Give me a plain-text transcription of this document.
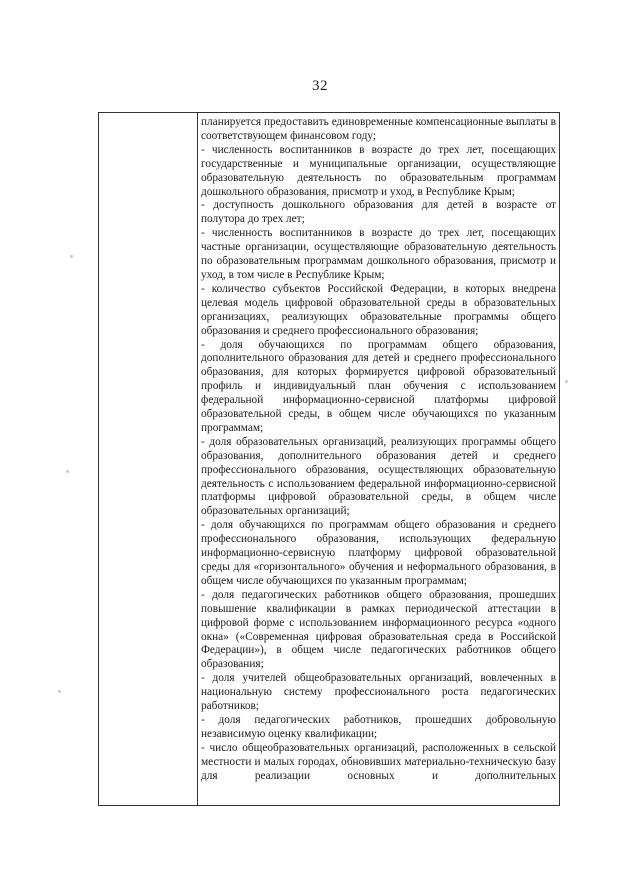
32

планируется предоставить единовременные компенсационные выплаты в соответствующем финансовом году;

- численность воспитанников в возрасте до трех лет, посещающих государственные и муниципальные организации, осуществляющие образовательную деятельность по образовательным программам дошкольного образования, присмотр и уход, в Республике Крым;

- доступность дошкольного образования для детей в возрасте от полутора до трех лет;

- численность воспитанников в возрасте до трех лет, посещающих частные организации, осуществляющие образовательную деятельность по образовательным программам дошкольного образования, присмотр и уход, в том числе в Республике Крым;

- количество субъектов Российской Федерации, в которых внедрена целевая модель цифровой образовательной среды в образовательных организациях, реализующих образовательные программы общего образования и среднего профессионального образования;

- доля обучающихся по программам общего образования, дополнительного образования для детей и среднего профессионального образования, для которых формируется цифровой образовательный профиль и индивидуальный план обучения с использованием федеральной информационно-сервисной платформы цифровой образовательной среды, в общем числе обучающихся по указанным программам;

- доля образовательных организаций, реализующих программы общего образования, дополнительного образования детей и среднего профессионального образования, осуществляющих образовательную деятельность с использованием федеральной информационно-сервисной платформы цифровой образовательной среды, в общем числе образовательных организаций;

- доля обучающихся по программам общего образования и среднего профессионального образования, использующих федеральную информационно-сервисную платформу цифровой образовательной среды для «горизонтального» обучения и неформального образования, в общем числе обучающихся по указанным программам;

- доля педагогических работников общего образования, прошедших повышение квалификации в рамках периодической аттестации в цифровой форме с использованием информационного ресурса «одного окна» («Современная цифровая образовательная среда в Российской Федерации»), в общем числе педагогических работников общего образования;

- доля учителей общеобразовательных организаций, вовлеченных в национальную систему профессионального роста педагогических работников;

- доля педагогических работников, прошедших добровольную независимую оценку квалификации;

- число общеобразовательных организаций, расположенных в сельской местности и малых городах, обновивших материально-техническую базу для реализации основных и дополнительных
